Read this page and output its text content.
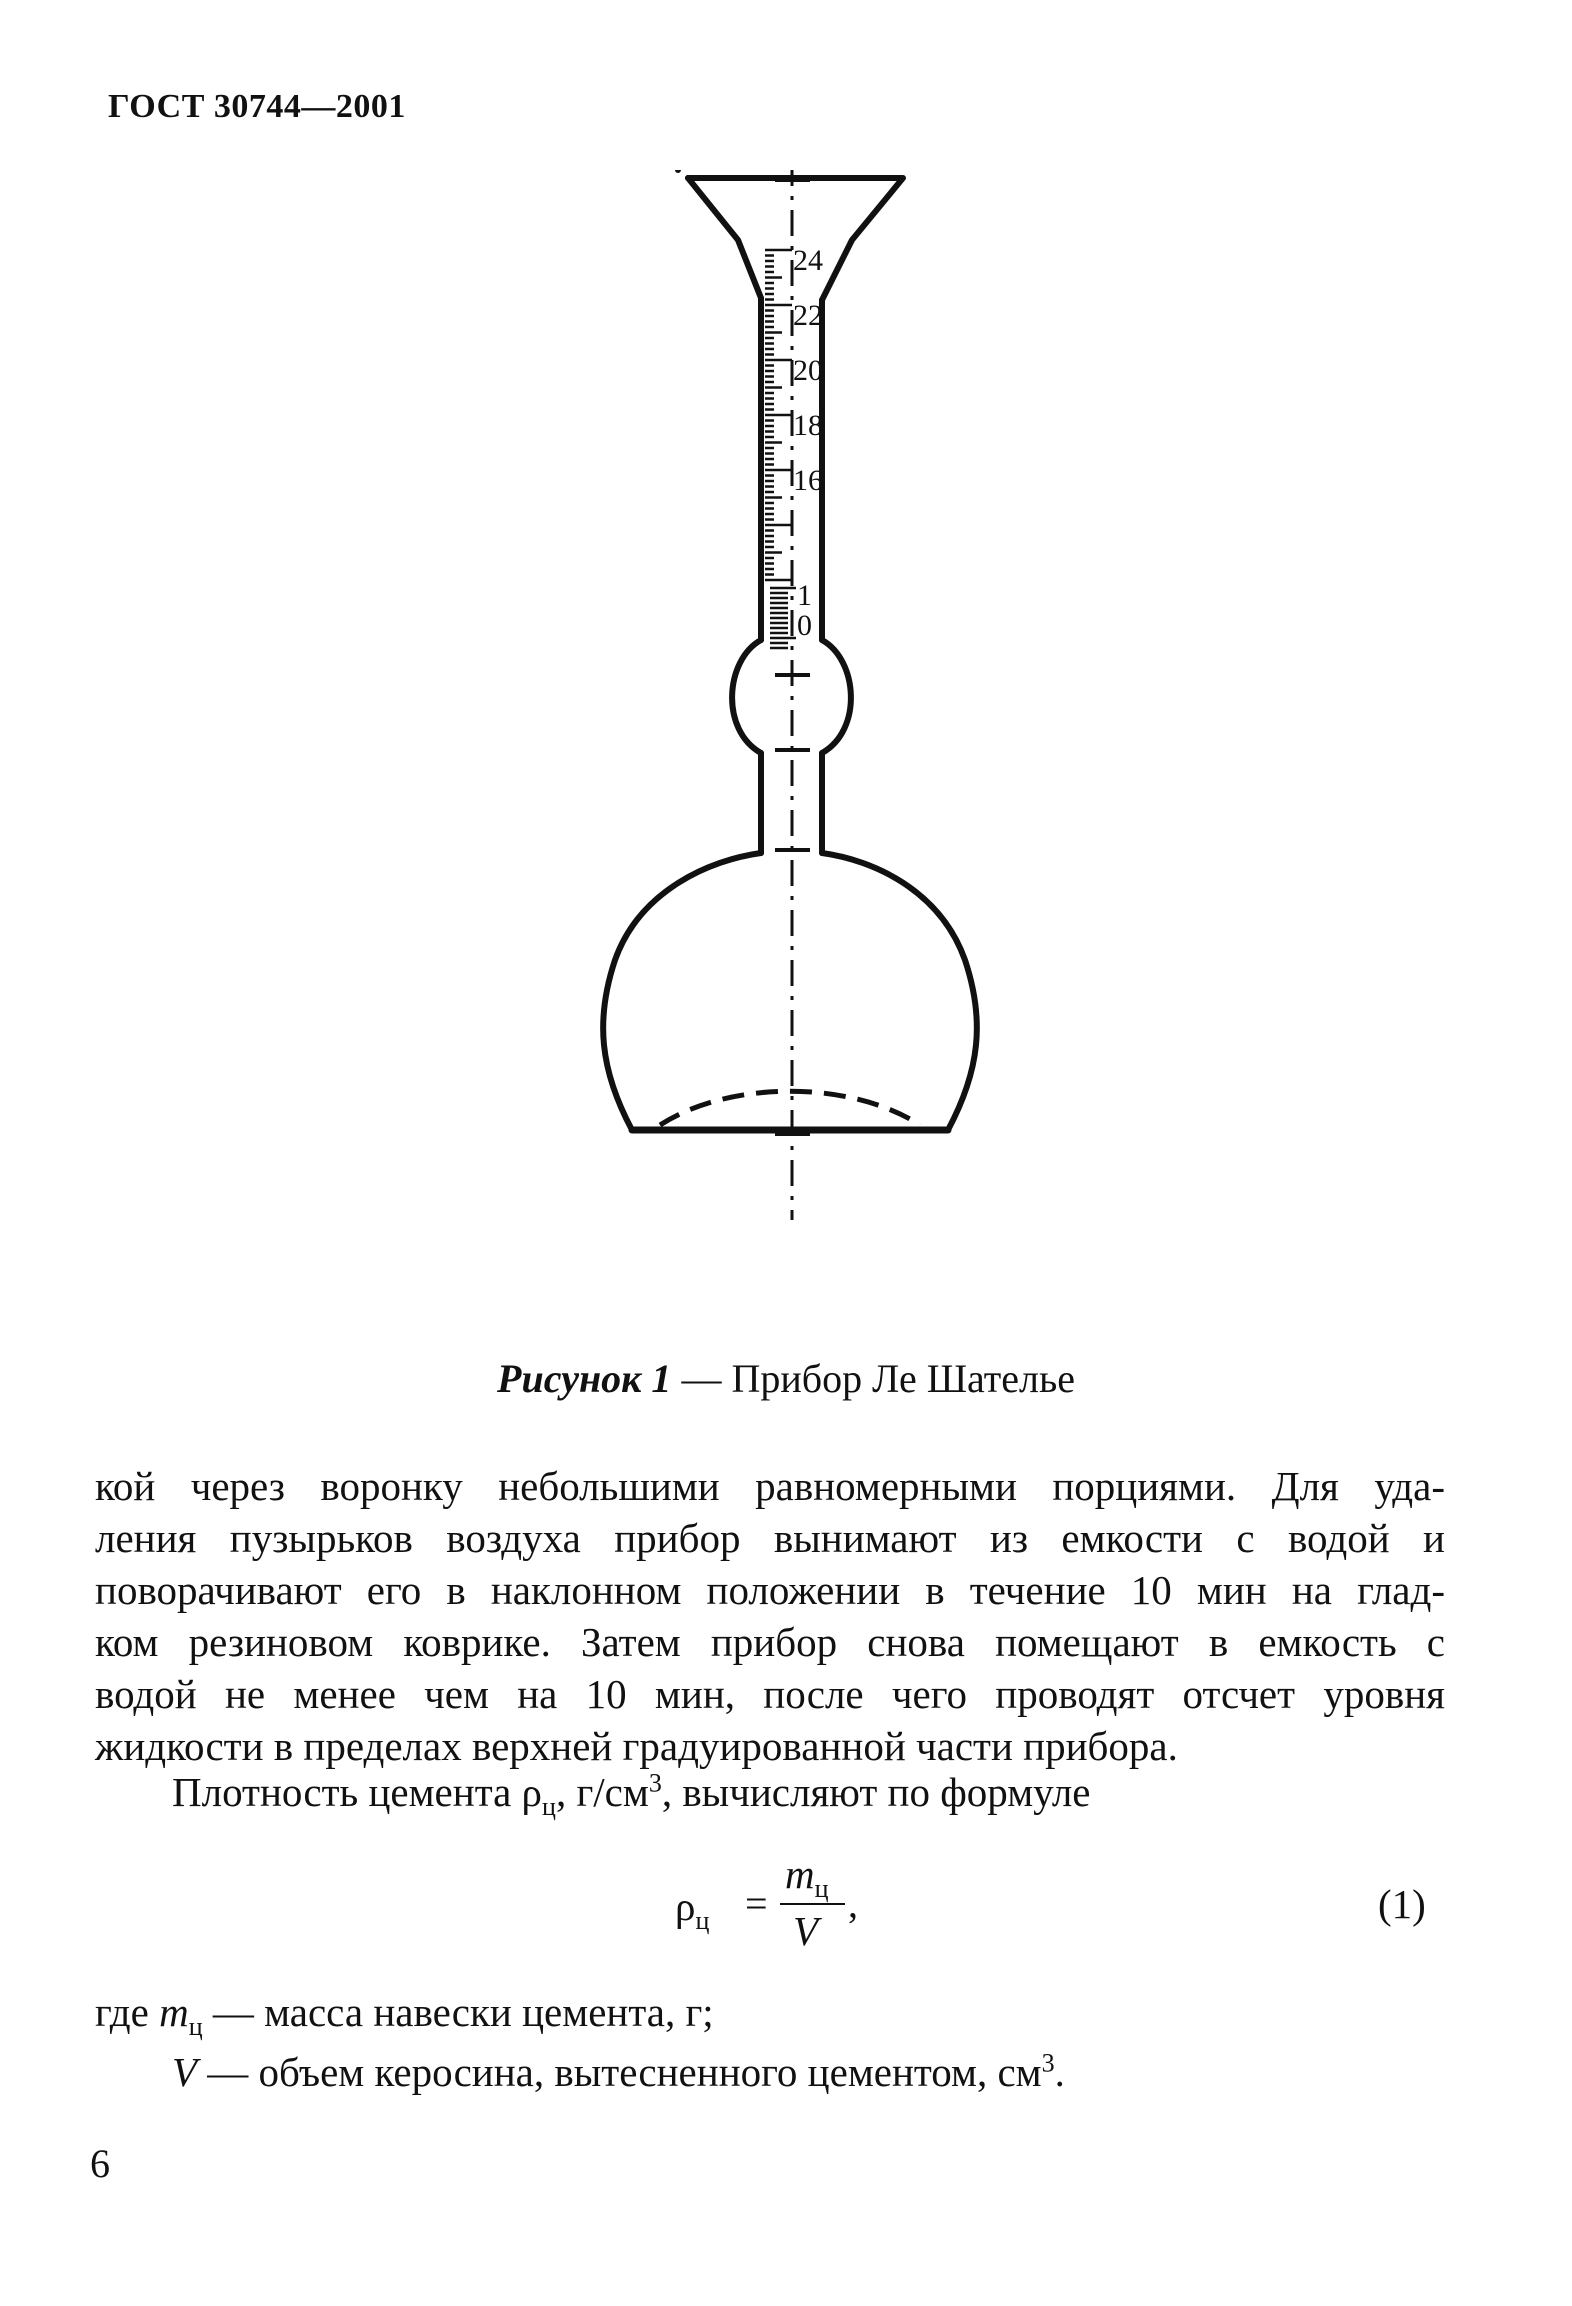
ГОСТ 30744—2001
24
22
20
18
16
1
0
Рисунок 1 — Прибор Ле Шателье
кой через воронку небольшими равномерными порциями. Для уда-
ления пузырьков воздуха прибор вынимают из емкости с водой и
поворачивают его в наклонном положении в течение 10 мин на глад-
ком резиновом коврике. Затем прибор снова помещают в емкость с
водой не менее чем на 10 мин, после чего проводят отсчет уровня
жидкости в пределах верхней градуированной части прибора.
Плотность цемента $\rho_ц$, $г/см^3$, вычисляют по формуле
$\rho_ц$ =
$m_ц$
V
,	(1)
где $m_ц$ — масса навески цемента, г;
V — объем керосина, вытесненного цементом, $см^3$.
6
